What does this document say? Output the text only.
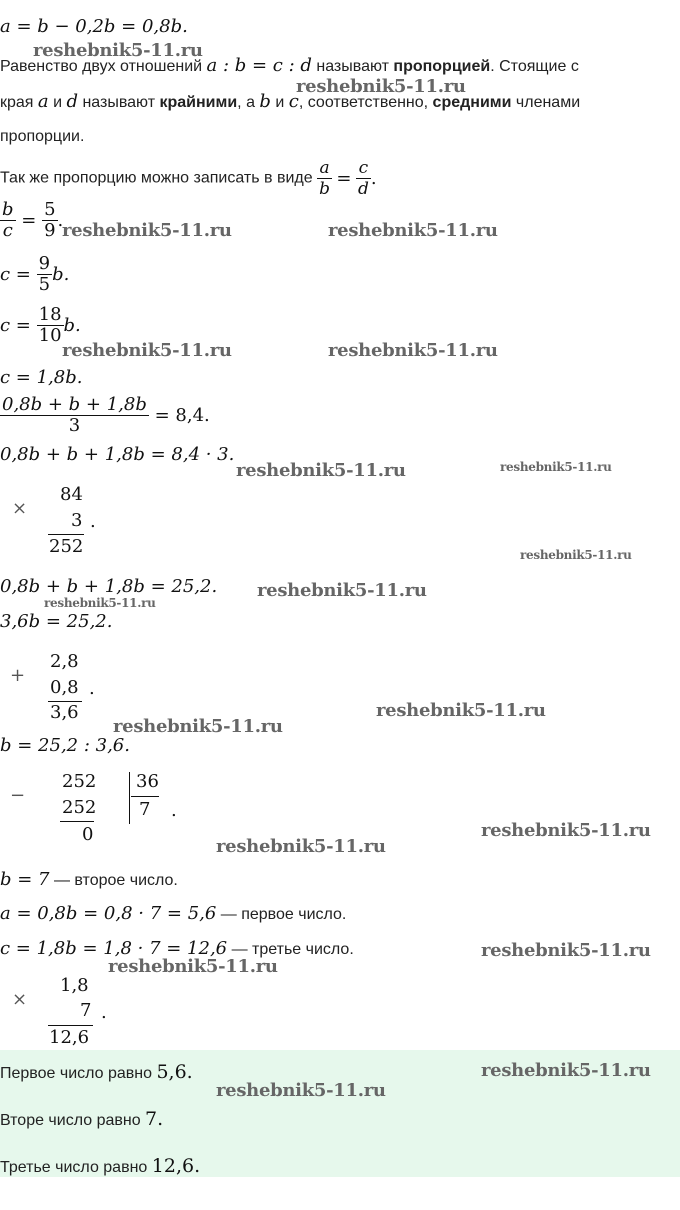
a = b − 0,2b = 0,8b.
Равенство двух отношений a : b = c : d называют пропорцией. Стоящие с
края a и d называют крайними, а b и c, соответственно, средними членами
пропорции.
Так же пропорцию можно записать в виде $\frac{a}{b} = \frac{c}{d}$ .
$\frac{b}{c} = \frac{5}{9}$ .
$c = \frac{9}{5} b$.
$c = \frac{18}{10} b$.
c = 1,8b.
$\frac{0,8b + b + 1,8b}{3} = 8,4$.
0,8b + b + 1,8b = 8,4 · 3.
×
84
3
252
.
0,8b + b + 1,8b = 25,2.
3,6b = 25,2.
+
2,8
0,8
3,6
.
b = 25,2 : 3,6.
−
252
252
0
36
7 .
b = 7 — второе число.
a = 0,8b = 0,8 · 7 = 5,6 — первое число.
c = 1,8b = 1,8 · 7 = 12,6 — третье число.
×
1,8
7
12,6
.
Первое число равно 5,6.
Вторе число равно 7.
Третье число равно 12,6.
reshebnik5-11.ru
reshebnik5-11.ru
reshebnik5-11.ru	reshebnik5-11.ru
reshebnik5-11.ru	reshebnik5-11.ru
reshebnik5-11.ru	reshebnik5-11.ru
reshebnik5-11.ru
reshebnik5-11.ru
reshebnik5-11.ru
reshebnik5-11.ru
reshebnik5-11.ru
reshebnik5-11.ru
reshebnik5-11.ru
reshebnik5-11.ru
reshebnik5-11.ru
reshebnik5-11.ru
reshebnik5-11.ru
